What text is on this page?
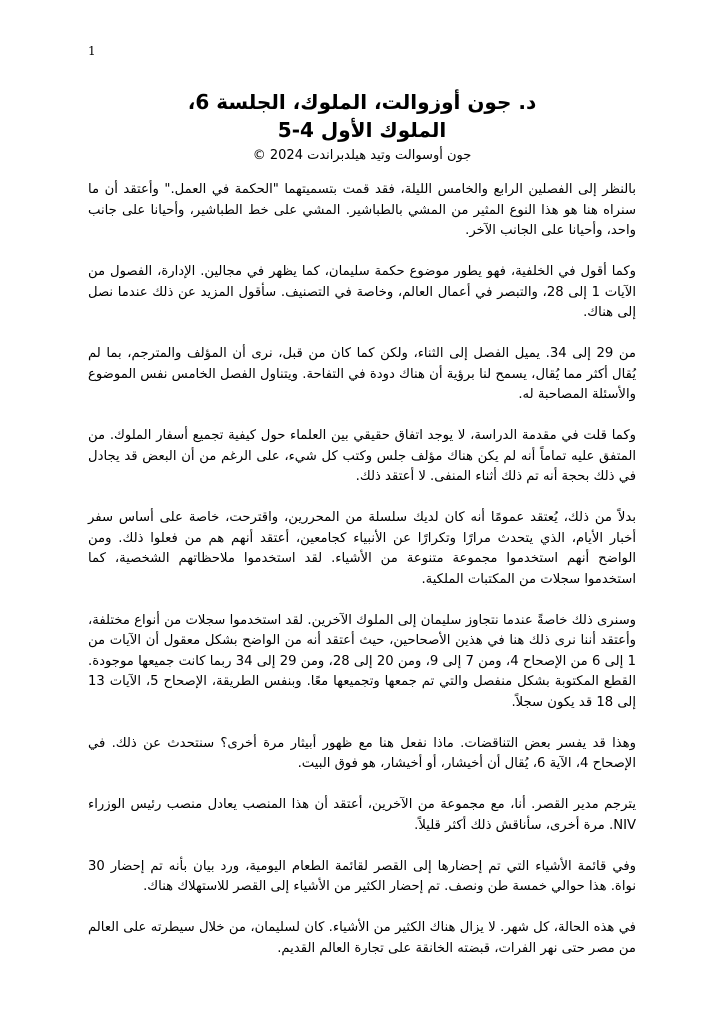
1
د. جون أوزوالت، الملوك، الجلسة 6،
الملوك الأول 4-5
جون أوسوالت وتيد هيلدبراندت 2024 ©

بالنظر إلى الفصلين الرابع والخامس الليلة، فقد قمت بتسميتهما "الحكمة في العمل." وأعتقد أن ما سنراه هنا هو هذا النوع المثير من المشي بالطباشير. المشي على خط الطباشير، وأحيانا على جانب واحد، وأحيانا على الجانب الآخر.

وكما أقول في الخلفية، فهو يطور موضوع حكمة سليمان، كما يظهر في مجالين. الإدارة، الفصول من الآيات 1 إلى 28، والتبصر في أعمال العالم، وخاصة في التصنيف. سأقول المزيد عن ذلك عندما نصل إلى هناك.

من 29 إلى 34. يميل الفصل إلى الثناء، ولكن كما كان من قبل، نرى أن المؤلف والمترجم، بما لم يُقال أكثر مما يُقال، يسمح لنا برؤية أن هناك دودة في التفاحة. ويتناول الفصل الخامس نفس الموضوع والأسئلة المصاحبة له.

وكما قلت في مقدمة الدراسة، لا يوجد اتفاق حقيقي بين العلماء حول كيفية تجميع أسفار الملوك. من المتفق عليه تماماً أنه لم يكن هناك مؤلف جلس وكتب كل شيء، على الرغم من أن البعض قد يجادل في ذلك بحجة أنه تم ذلك أثناء المنفى. لا أعتقد ذلك.

بدلاً من ذلك، يُعتقد عمومًا أنه كان لديك سلسلة من المحررين، واقترحت، خاصة على أساس سفر أخبار الأيام، الذي يتحدث مرارًا وتكرارًا عن الأنبياء كجامعين، أعتقد أنهم هم من فعلوا ذلك. ومن الواضح أنهم استخدموا مجموعة متنوعة من الأشياء. لقد استخدموا ملاحظاتهم الشخصية، كما استخدموا سجلات من المكتبات الملكية.

وسنرى ذلك خاصةً عندما نتجاوز سليمان إلى الملوك الآخرين. لقد استخدموا سجلات من أنواع مختلفة، وأعتقد أننا نرى ذلك هنا في هذين الأصحاحين، حيث أعتقد أنه من الواضح بشكل معقول أن الآيات من 1 إلى 6 من الإصحاح 4، ومن 7 إلى 9، ومن 20 إلى 28، ومن 29 إلى 34 ربما كانت جميعها موجودة. القطع المكتوبة بشكل منفصل والتي تم جمعها وتجميعها معًا. وبنفس الطريقة، الإصحاح 5، الآيات 13 إلى 18 قد يكون سجلاً.

وهذا قد يفسر بعض التناقضات. ماذا نفعل هنا مع ظهور أبيثار مرة أخرى؟ سنتحدث عن ذلك. في الإصحاح 4، الآية 6، يُقال أن أخيشار، أو أخيشار، هو فوق البيت.

يترجم مدير القصر. أنا، مع مجموعة من الآخرين، أعتقد أن هذا المنصب يعادل منصب رئيس الوزراء NIV. مرة أخرى، سأناقش ذلك أكثر قليلاً.

وفي قائمة الأشياء التي تم إحضارها إلى القصر لقائمة الطعام اليومية، ورد بيان بأنه تم إحضار 30 نواة. هذا حوالي خمسة طن ونصف. تم إحضار الكثير من الأشياء إلى القصر للاستهلاك هناك.

في هذه الحالة، كل شهر. لا يزال هناك الكثير من الأشياء. كان لسليمان، من خلال سيطرته على العالم من مصر حتى نهر الفرات، قبضته الخانقة على تجارة العالم القديم.
